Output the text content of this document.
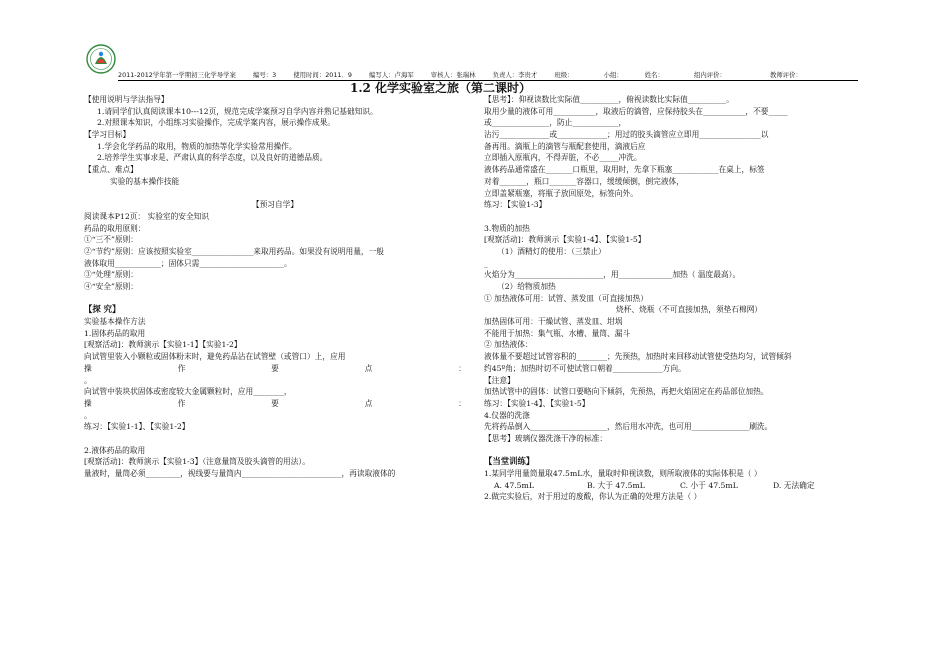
2011-2012学年第一学期初三化学导学案	编号：3	使用时间：2011．9	编写人：卢海军	审核人：张瑞林	负责人：李贵才	班级：	小组：	姓名：	组内评价：	教师评价：
1.2 化学实验室之旅（第二课时）
【使用说明与学法指导】
1.请同学们认真阅读课本10---12页，规范完成学案预习自学内容并熟记基础知识。
2.对照课本知识，小组练习实验操作，完成学案内容，展示操作成果。
【学习目标】
1.学会化学药品的取用，物质的加热等化学实验常用操作。
2.培养学生实事求是、严肃认真的科学态度，以及良好的道德品质。
【重点、难点】
实验的基本操作技能
【预习自学】
阅读课本P12页： 实验室的安全知识
药品的取用原则：
①“三不”原则：
②“节约”原则：应该按照实验室________________来取用药品。如果没有说明用量，一般
液体取用____________；固体只需______________________。
③“处理”原则：
④“安全”原则：
【探 究】
实验基本操作方法
1.固体药品的取用
[观察活动]：教师演示【实验1-1】【实验1-2】
向试管里装入小颗粒或固体粉末时，避免药品沾在试管壁（或管口）上，应用
操	作	要	点	：
。
向试管中装块状固体或密度较大金属颗粒时，应用________，
操	作	要	点	：
。
练习：【实验1-1】、【实验1-2】
2.液体药品的取用
[观察活动]：教师演示【实验1-3】（注意量筒及胶头滴管的用法）。
量液时，量筒必须_________，视线要与量筒内__________________________，再读取液体的
【思考】：仰视读数比实际值__________，俯视读数比实际值__________。
取用少量的液体可用___________，取液后的滴管，应保持胶头在___________，不要_____
或_______________，防止____________，
沾污_____________或_____________；用过的胶头滴管应立即用________________以
备再用。滴瓶上的滴管与瓶配套使用，滴液后应
立即插入原瓶内，不得弄脏，不必_____冲洗。
液体药品通常盛在_______口瓶里，取用时，先拿下瓶塞____________在桌上，标签
对着_______，瓶口_______容器口，缓缓倾倒，倒完液体，
立即盖紧瓶塞，将瓶子放回原处，标签向外。
练习：【实验1-3】
3.物质的加热
[观察活动]：教师演示【实验1-4】、【实验1-5】
（1）酒精灯的使用：（三禁止）
_
火焰分为_______________________，用______________加热（ 温度最高）。
（2）给物质加热
① 加热液体可用：试管、蒸发皿（可直接加热）
烧杯、烧瓶（不可直接加热，须垫石棉网）
加热固体可用：干燥试管、蒸发皿、坩埚
不能用于加热：集气瓶、水槽、量筒、漏斗
② 加热液体：
液体量不要超过试管容积的________；先预热，加热时来回移动试管使受热均匀，试管倾斜
约45º角；加热时切不可使试管口朝着_____________方向。
【注意】
加热试管中的固体：试管口要略向下倾斜，先预热，再把火焰固定在药品部位加热。
练习：【实验1-4】、【实验1-5】
4.仪器的洗涤
先将药品倒入____________________，然后用水冲洗，也可用_______________刷洗。
【思考】玻璃仪器洗涤干净的标准：
【当堂训练】
1.某同学用量筒量取47.5mL水，量取时仰视读数，则所取液体的实际体积是（ ）
A. 47.5mL	B. 大于 47.5mL	C. 小于 47.5mL	D. 无法确定
2.做完实验后，对于用过的废酸，你认为正确的处理方法是（ ）
